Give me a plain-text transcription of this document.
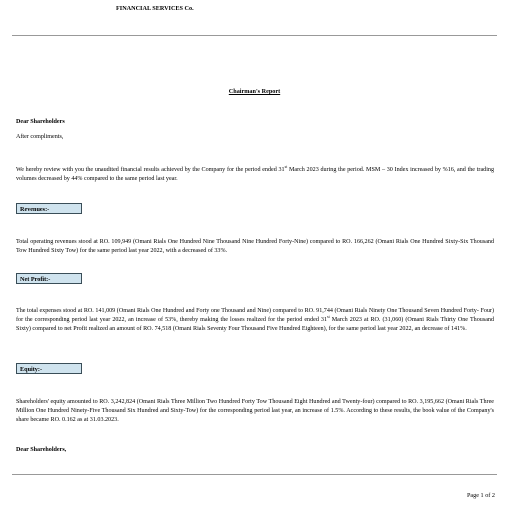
FINANCIAL SERVICES Co.
Chairman's Report
Dear Shareholders
After compliments,
We hereby review with you the unaudited financial results achieved by the Company for the period ended 31st March 2023 during the period. MSM – 30 Index increased by %16, and the trading volumes decreased by 44% compared to the same period last year.
Revenues:-
Total operating revenues stood at RO. 109,949 (Omani Rials One Hundred Nine Thousand Nine Hundred Forty-Nine) compared to RO. 166,262 (Omani Rials One Hundred Sixty-Six Thousand Tow Hundred Sixty Tow) for the same period last year 2022, with a decreased of 33%.
Net Profit:-
The total expenses stood at RO. 141,009 (Omani Rials One Hundred and Forty one Thousand and Nine) compared to RO. 91,744 (Omani Rials Ninety One Thousand Seven Hundred Forty- Four) for the corresponding period last year 2022, an increase of 53%, thereby making the losses realized for the period ended 31st March 2023 at RO. (31,060) (Omani Rials Thirty One Thousand Sixty) compared to net Profit realized an amount of RO. 74,518 (Omani Rials Seventy Four Thousand Five Hundred Eighteen), for the same period last year 2022, an decrease of 141%.
Equity:-
Shareholders' equity amounted to RO. 3,242,824 (Omani Rials Three Million Two Hundred Forty Tow Thousand Eight Hundred and Twenty-four) compared to RO. 3,195,662 (Omani Rials Three Million One Hundred Ninety-Five Thousand Six Hundred and Sixty-Tow) for the corresponding period last year, an increase of 1.5%. According to these results, the book value of the Company's share became RO. 0.162 as at 31.03.2023.
Dear Shareholders,
Page 1 of 2
